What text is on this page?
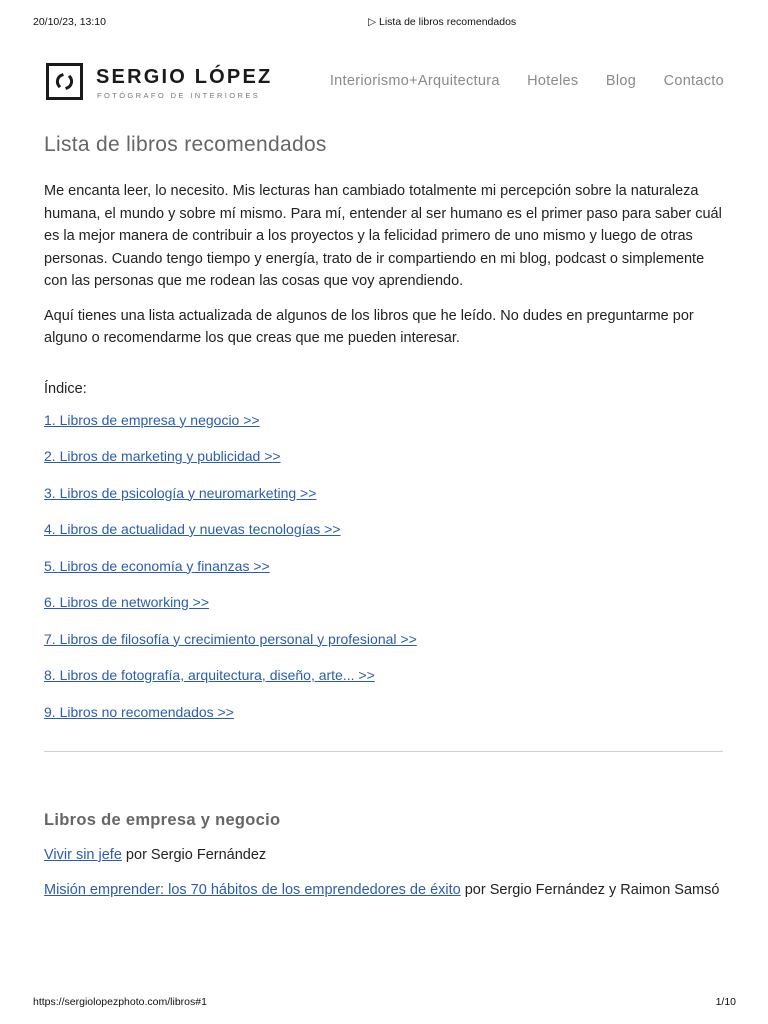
20/10/23, 13:10	▷ Lista de libros recomendados
SERGIO LÓPEZ
FOTÓGRAFO DE INTERIORES
Interiorismo+Arquitectura Hoteles Blog Contacto
Lista de libros recomendados

Me encanta leer, lo necesito. Mis lecturas han cambiado totalmente mi percepción sobre la naturaleza humana, el mundo y sobre mí mismo. Para mí, entender al ser humano es el primer paso para saber cuál es la mejor manera de contribuir a los proyectos y la felicidad primero de uno mismo y luego de otras personas. Cuando tengo tiempo y energía, trato de ir compartiendo en mi blog, podcast o simplemente con las personas que me rodean las cosas que voy aprendiendo.

Aquí tienes una lista actualizada de algunos de los libros que he leído. No dudes en preguntarme por alguno o recomendarme los que creas que me pueden interesar.

Índice:

1. Libros de empresa y negocio >>
2. Libros de marketing y publicidad >>
3. Libros de psicología y neuromarketing >>
4. Libros de actualidad y nuevas tecnologías >>
5. Libros de economía y finanzas >>
6. Libros de networking >>
7. Libros de filosofía y crecimiento personal y profesional >>
8. Libros de fotografía, arquitectura, diseño, arte... >>
9. Libros no recomendados >>
Libros de empresa y negocio

Vivir sin jefe por Sergio Fernández

Misión emprender: los 70 hábitos de los emprendedores de éxito por Sergio Fernández y Raimon Samsó

https://sergiolopezphoto.com/libros#1	1/10
